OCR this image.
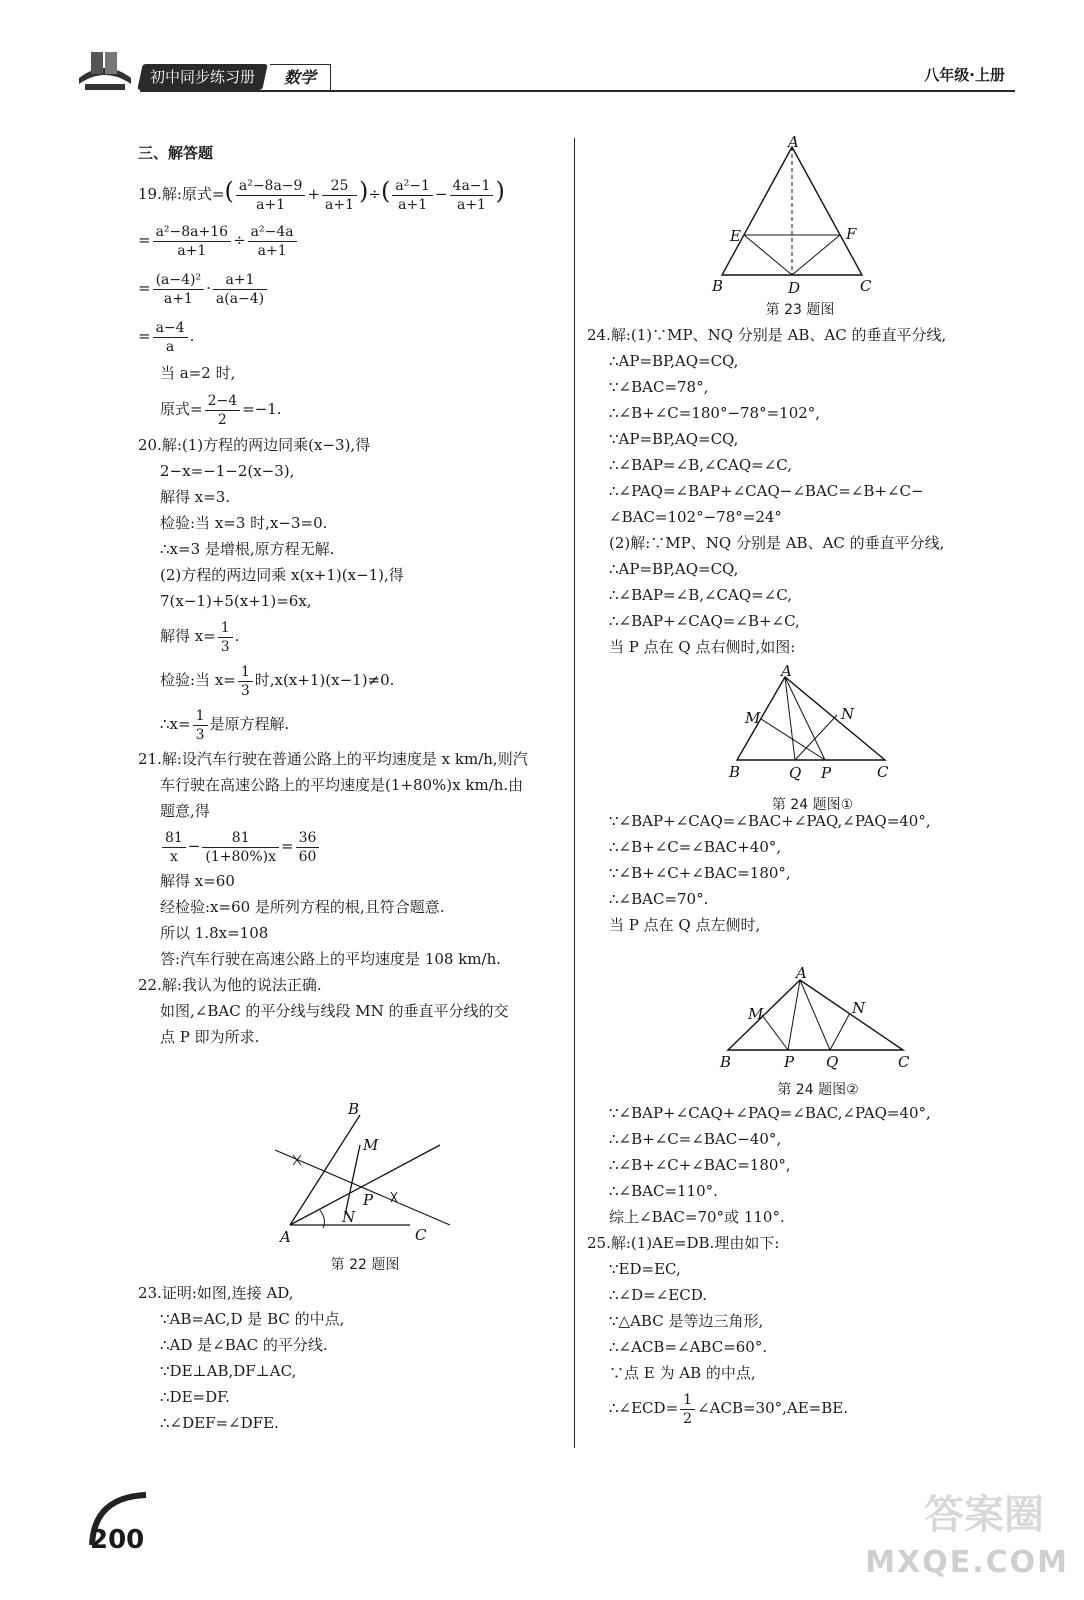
初中同步练习册	数学	八年级·上册
三、解答题
19.解:原式=( $\frac{\text{a²−8a−9}}{a+1} + \frac{25}{a+1}$ )÷( $\frac{\text{a²−1}}{a+1} - \frac{4a-1}{a+1}$ )
= $\frac{\text{a²−8a+16}}{a+1} \div \frac{\text{a²−4a}}{a+1}$
= $\frac{\text{(a−4)²}}{a+1} \cdot \frac{a+1}{a(a-4)}$
= $\frac{a-4}{a}$ .
当 a=2 时,
原式= $\frac{2-4}{2} =-1$.
20.解:(1)方程的两边同乘(x−3),得
2−x=−1−2(x−3),
解得 x=3.
检验:当 x=3 时,x−3=0.
∴x=3 是增根,原方程无解.
(2)方程的两边同乘 x(x+1)(x−1),得
7(x−1)+5(x+1)=6x,
解得 $x= \frac{1}{3}$ .
检验:当 $x= \frac{1}{3}$ 时,x(x+1)(x−1)≠0.
∴x= $\frac{1}{3}$ 是原方程解.
21.解:设汽车行驶在普通公路上的平均速度是 x km/h,则汽
车行驶在高速公路上的平均速度是(1+80%)x km/h.由
题意,得
$\frac{81}{x} - \frac{81}{(1+80\%)x} = \frac{36}{60}$
解得 x=60
经检验:x=60 是所列方程的根,且符合题意.
所以 1.8x=108
答:汽车行驶在高速公路上的平均速度是 108 km/h.
22.解:我认为他的说法正确.
如图,∠BAC 的平分线与线段 MN 的垂直平分线的交
点 P 即为所求.
B
M
P
N
A	C
第 22 题图
23.证明:如图,连接 AD,
∵AB=AC,D 是 BC 的中点,
∴AD 是∠BAC 的平分线.
∵DE⊥AB,DF⊥AC,
∴DE=DF.
∴∠DEF=∠DFE.
A
E	F
B	D	C
第 23 题图
24.解:(1)∵MP、NQ 分别是 AB、AC 的垂直平分线,
∴AP=BP,AQ=CQ,
∵∠BAC=78°,
∴∠B+∠C=180°−78°=102°,
∵AP=BP,AQ=CQ,
∴∠BAP=∠B,∠CAQ=∠C,
∴∠PAQ=∠BAP+∠CAQ−∠BAC=∠B+∠C−
∠BAC=102°−78°=24°
(2)解:∵MP、NQ 分别是 AB、AC 的垂直平分线,
∴AP=BP,AQ=CQ,
∴∠BAP=∠B,∠CAQ=∠C,
∴∠BAP+∠CAQ=∠B+∠C,
当 P 点在 Q 点右侧时,如图:
A
M	N
B	Q P	C
第 24 题图①
∵∠BAP+∠CAQ=∠BAC+∠PAQ,∠PAQ=40°,
∴∠B+∠C=∠BAC+40°,
∵∠B+∠C+∠BAC=180°,
∴∠BAC=70°.
当 P 点在 Q 点左侧时,
A
M	N
B	P Q	C
第 24 题图②
∵∠BAP+∠CAQ+∠PAQ=∠BAC,∠PAQ=40°,
∴∠B+∠C=∠BAC−40°,
∴∠B+∠C+∠BAC=180°,
∴∠BAC=110°.
综上∠BAC=70°或 110°.
25.解:(1)AE=DB.理由如下:
∵ED=EC,
∴∠D=∠ECD.
∵△ABC 是等边三角形,
∴∠ACB=∠ABC=60°.
∵点 E 为 AB 的中点,
∴∠ECD= $\frac{1}{2}$ ∠ACB=30°,AE=BE.
200
答案圈
MXQE.COM
